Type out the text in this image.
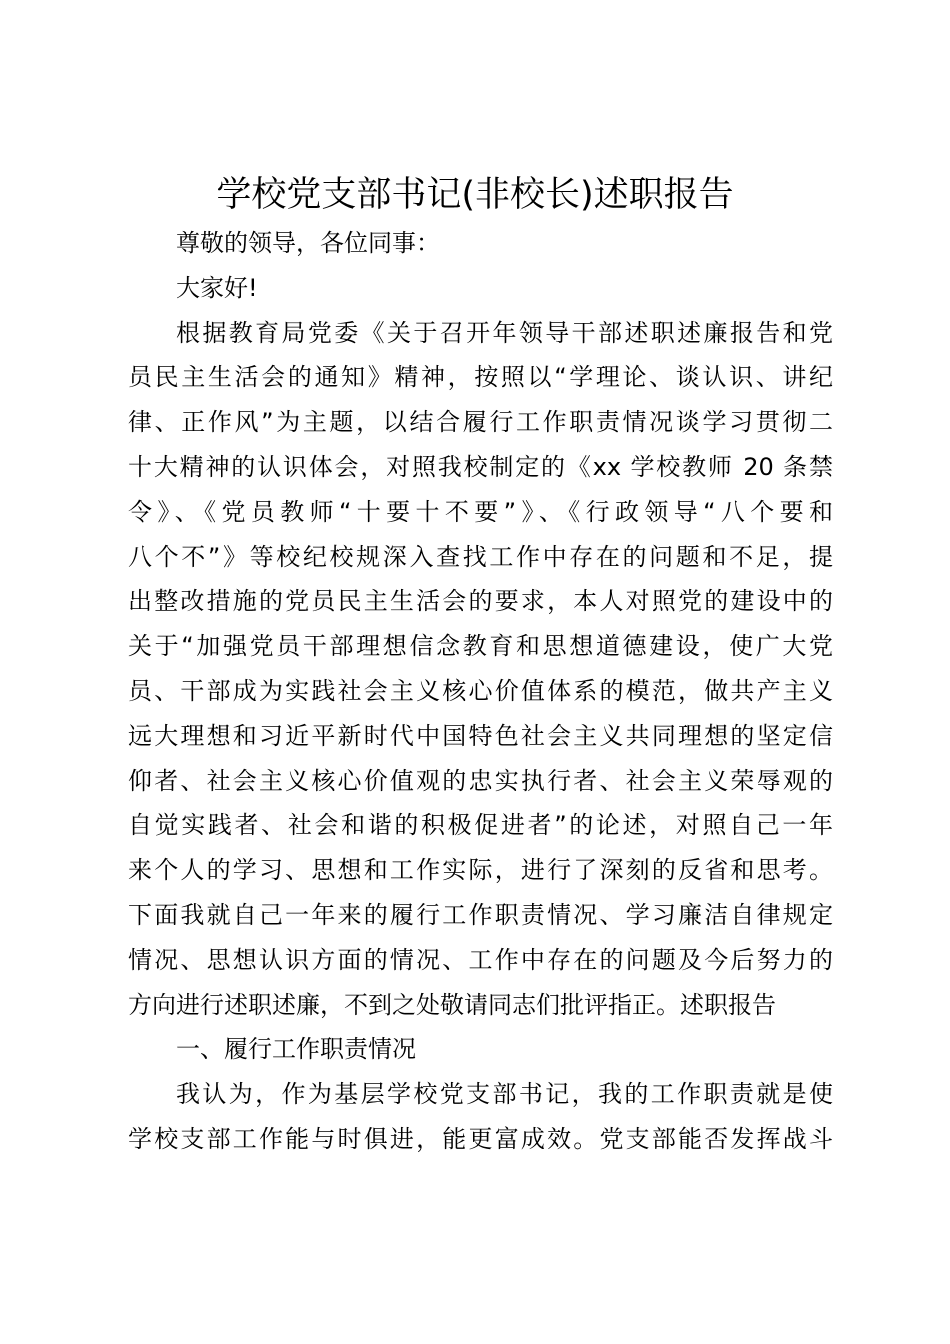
学校党支部书记(非校长)述职报告
尊敬的领导，各位同事：
大家好!
根据教育局党委《关于召开年领导干部述职述廉报告和党
员民主生活会的通知》精神，按照以“学理论、谈认识、讲纪
律、正作风”为主题，以结合履行工作职责情况谈学习贯彻二
十大精神的认识体会，对照我校制定的《xx 学校教师 20 条禁
令》、《党员教师“十要十不要”》、《行政领导“八个要和
八个不”》等校纪校规深入查找工作中存在的问题和不足，提
出整改措施的党员民主生活会的要求，本人对照党的建设中的
关于“加强党员干部理想信念教育和思想道德建设，使广大党
员、干部成为实践社会主义核心价值体系的模范，做共产主义
远大理想和习近平新时代中国特色社会主义共同理想的坚定信
仰者、社会主义核心价值观的忠实执行者、社会主义荣辱观的
自觉实践者、社会和谐的积极促进者”的论述，对照自己一年
来个人的学习、思想和工作实际，进行了深刻的反省和思考。
下面我就自己一年来的履行工作职责情况、学习廉洁自律规定
情况、思想认识方面的情况、工作中存在的问题及今后努力的
方向进行述职述廉，不到之处敬请同志们批评指正。述职报告
一、履行工作职责情况
我认为，作为基层学校党支部书记，我的工作职责就是使
学校支部工作能与时俱进，能更富成效。党支部能否发挥战斗
